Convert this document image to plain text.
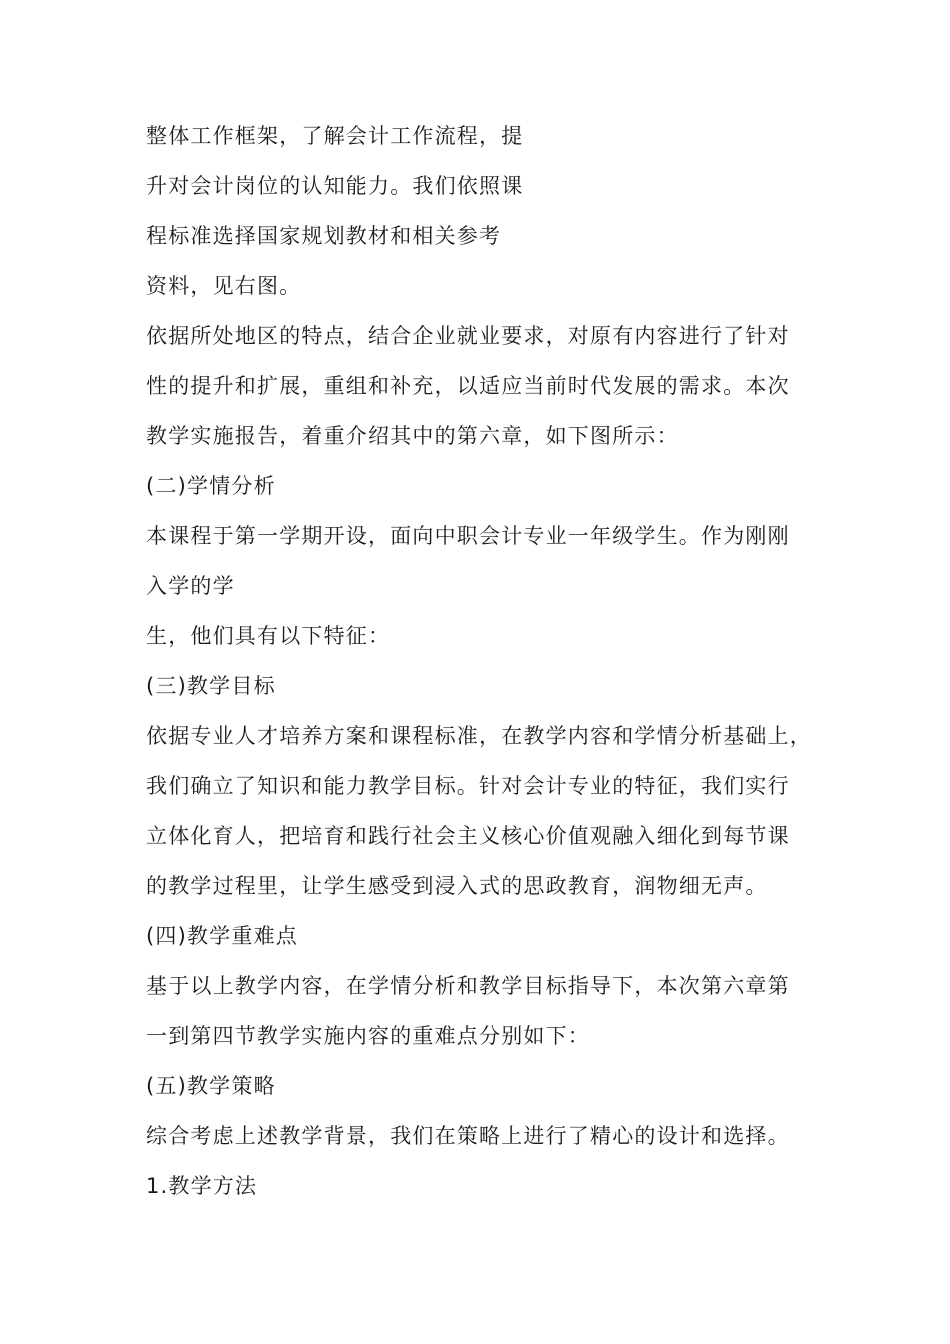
整体工作框架，了解会计工作流程，提

升对会计岗位的认知能力。我们依照课

程标准选择国家规划教材和相关参考

资料，见右图。

依据所处地区的特点，结合企业就业要求，对原有内容进行了针对

性的提升和扩展，重组和补充，以适应当前时代发展的需求。本次

教学实施报告，着重介绍其中的第六章，如下图所示：

(二)学情分析

本课程于第一学期开设，面向中职会计专业一年级学生。作为刚刚

入学的学

生，他们具有以下特征：

(三)教学目标

依据专业人才培养方案和课程标准，在教学内容和学情分析基础上，

我们确立了知识和能力教学目标。针对会计专业的特征，我们实行

立体化育人，把培育和践行社会主义核心价值观融入细化到每节课

的教学过程里，让学生感受到浸入式的思政教育，润物细无声。

(四)教学重难点

基于以上教学内容，在学情分析和教学目标指导下，本次第六章第

一到第四节教学实施内容的重难点分别如下：

(五)教学策略

综合考虑上述教学背景，我们在策略上进行了精心的设计和选择。

1.教学方法
